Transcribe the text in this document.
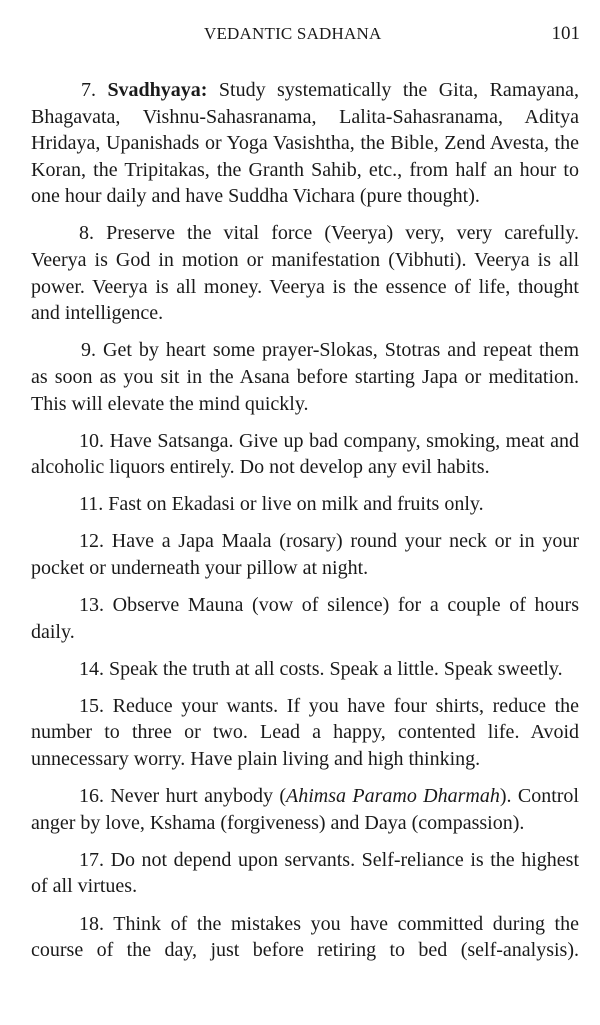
VEDANTIC SADHANA	101

7. Svadhyaya: Study systematically the Gita, Ramayana, Bhagavata, Vishnu-Sahasranama, Lalita-Sahasranama, Aditya Hridaya, Upanishads or Yoga Vasishtha, the Bible, Zend Avesta, the Koran, the Tripitakas, the Granth Sahib, etc., from half an hour to one hour daily and have Suddha Vichara (pure thought).

8. Preserve the vital force (Veerya) very, very carefully. Veerya is God in motion or manifestation (Vibhuti). Veerya is all power. Veerya is all money. Veerya is the essence of life, thought and intelligence.

9. Get by heart some prayer-Slokas, Stotras and repeat them as soon as you sit in the Asana before starting Japa or meditation. This will elevate the mind quickly.

10. Have Satsanga. Give up bad company, smoking, meat and alcoholic liquors entirely. Do not develop any evil habits.

11. Fast on Ekadasi or live on milk and fruits only.

12. Have a Japa Maala (rosary) round your neck or in your pocket or underneath your pillow at night.

13. Observe Mauna (vow of silence) for a couple of hours daily.

14. Speak the truth at all costs. Speak a little. Speak sweetly.

15. Reduce your wants. If you have four shirts, reduce the number to three or two. Lead a happy, contented life. Avoid unnecessary worry. Have plain living and high thinking.

16. Never hurt anybody (Ahimsa Paramo Dharmah). Control anger by love, Kshama (forgiveness) and Daya (compassion).

17. Do not depend upon servants. Self-reliance is the highest of all virtues.

18. Think of the mistakes you have committed during the course of the day, just before retiring to bed (self-analysis).
